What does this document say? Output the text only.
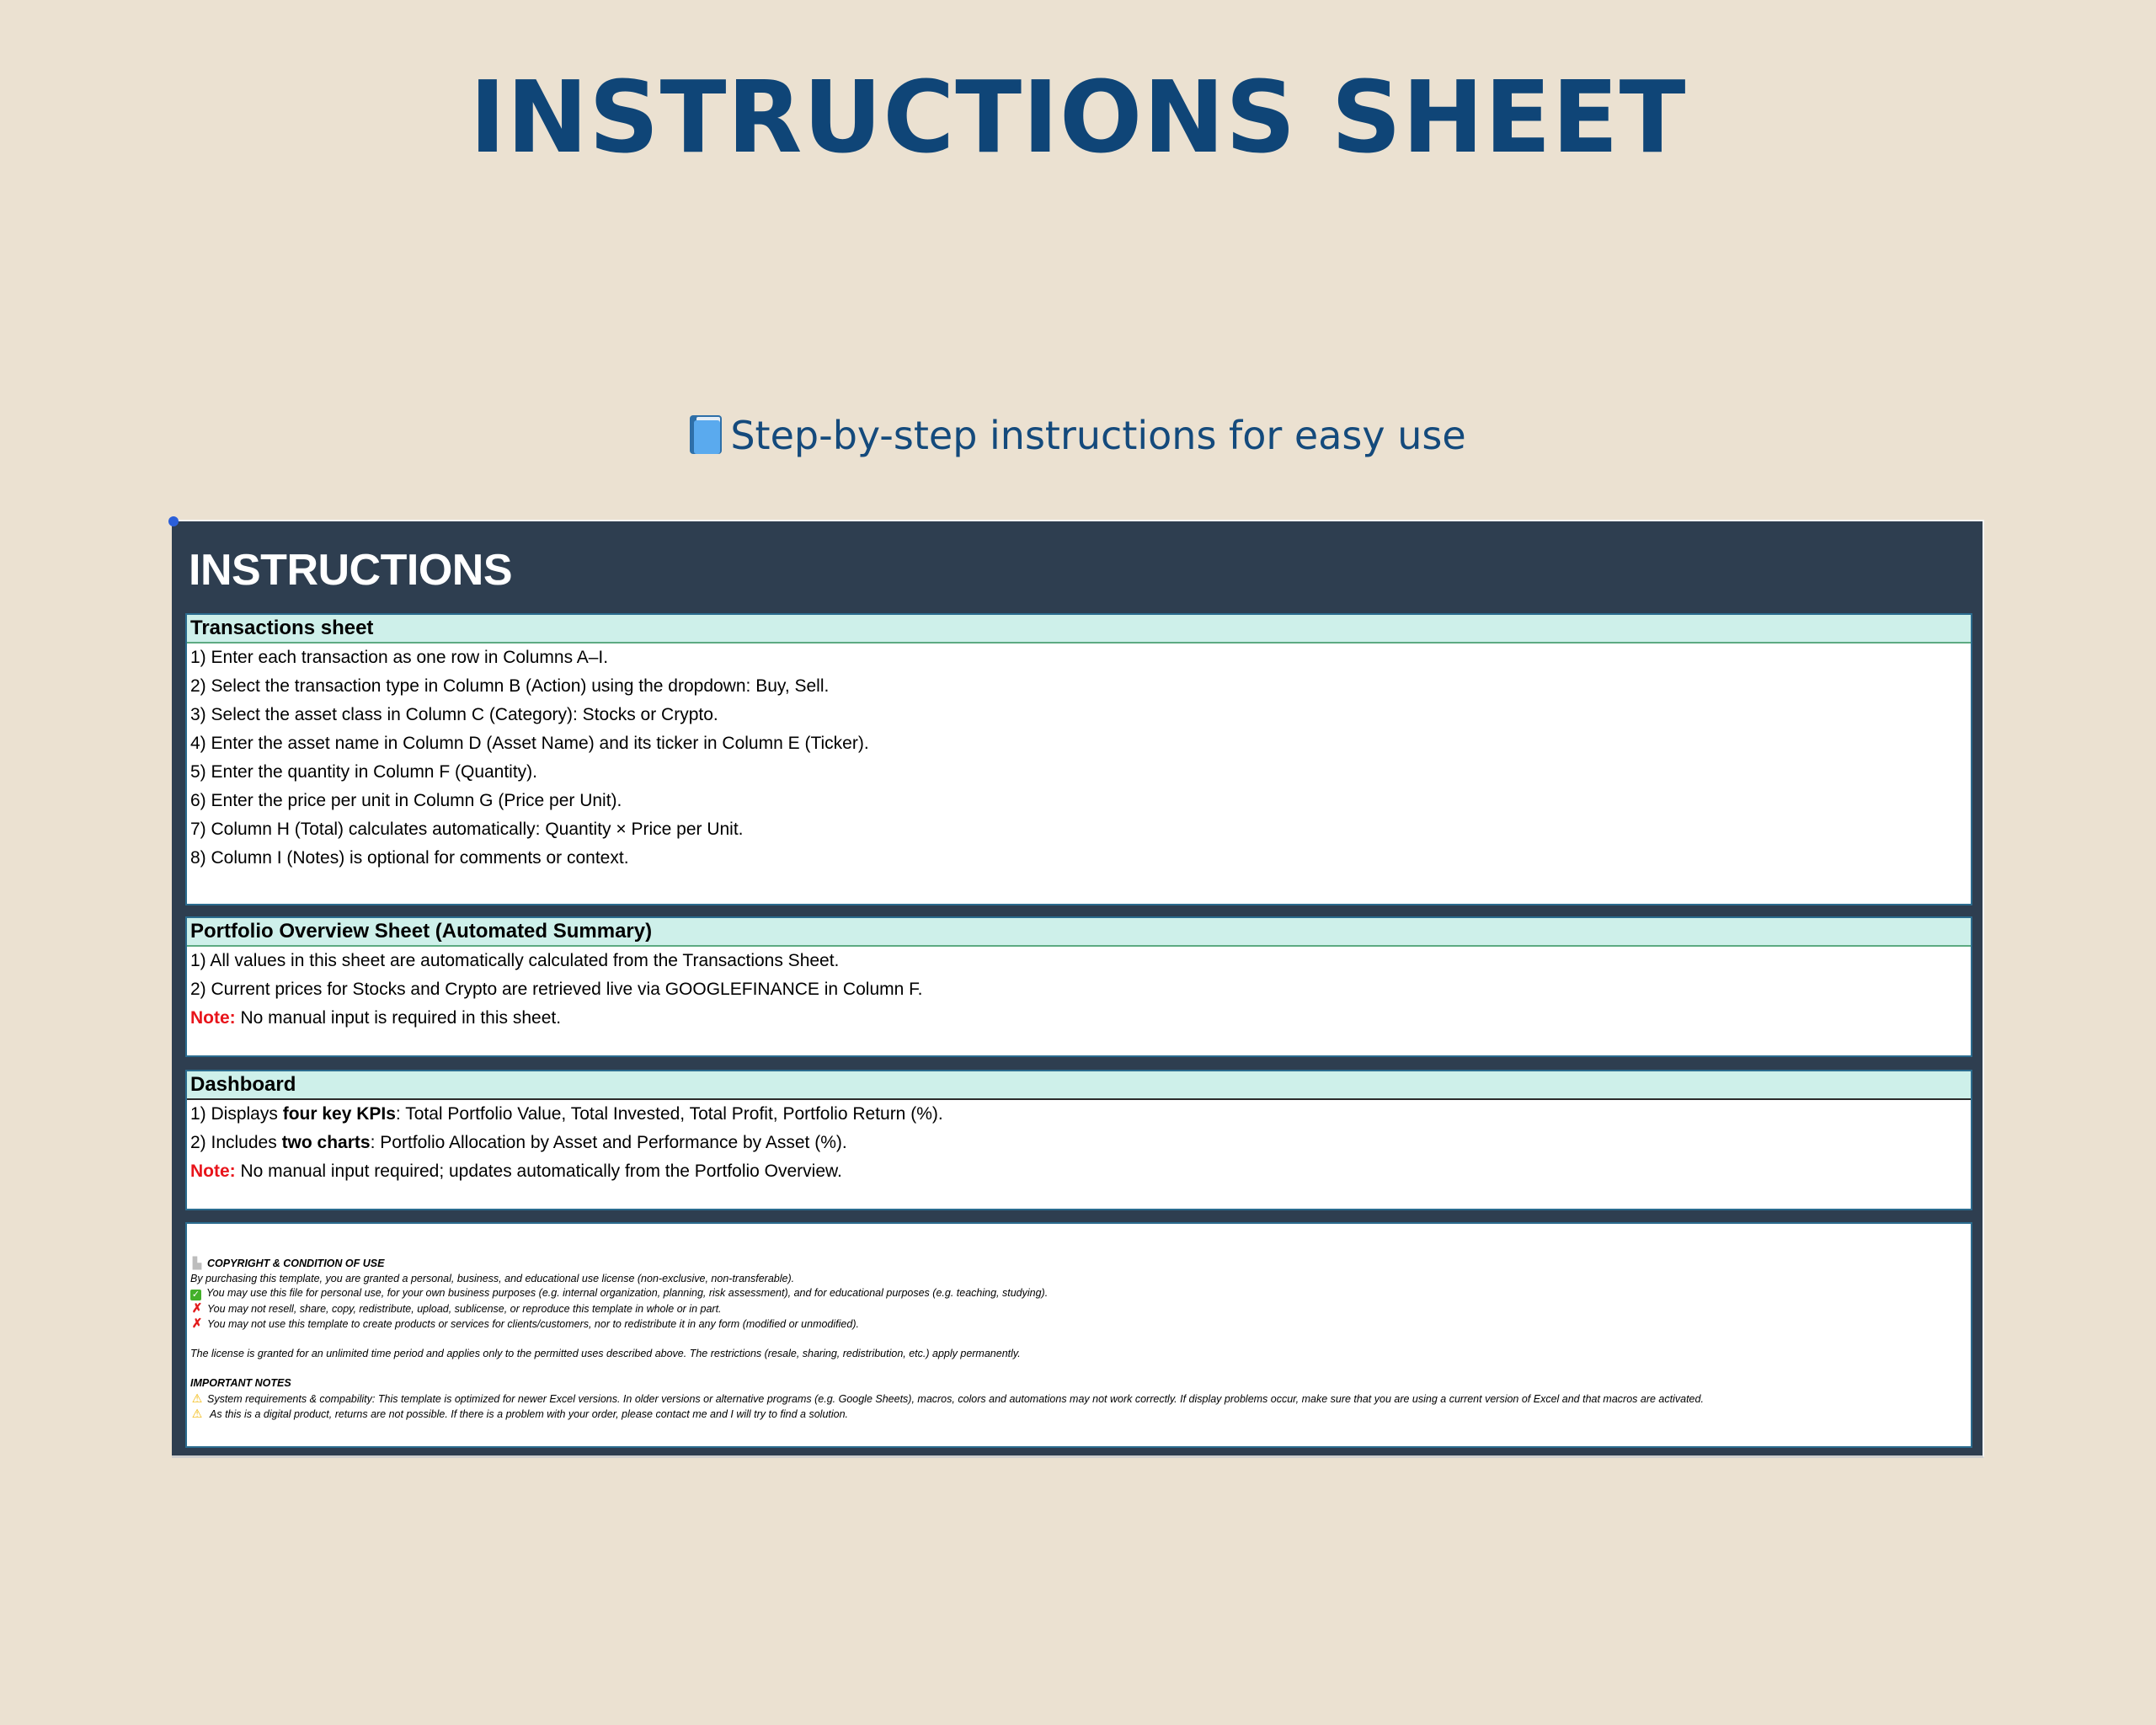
INSTRUCTIONS SHEET
Step-by-step instructions for easy use
INSTRUCTIONS
Transactions sheet
1) Enter each transaction as one row in Columns A–I.
2) Select the transaction type in Column B (Action) using the dropdown: Buy, Sell.
3) Select the asset class in Column C (Category): Stocks or Crypto.
4) Enter the asset name in Column D (Asset Name) and its ticker in Column E (Ticker).
5) Enter the quantity in Column F (Quantity).
6) Enter the price per unit in Column G (Price per Unit).
7) Column H (Total) calculates automatically: Quantity × Price per Unit.
8) Column I (Notes) is optional for comments or context.
Portfolio Overview Sheet (Automated Summary)
1) All values in this sheet are automatically calculated from the Transactions Sheet.
2) Current prices for Stocks and Crypto are retrieved live via GOOGLEFINANCE in Column F.
Note: No manual input is required in this sheet.
Dashboard
1) Displays four key KPIs: Total Portfolio Value, Total Invested, Total Profit, Portfolio Return (%).
2) Includes two charts: Portfolio Allocation by Asset and Performance by Asset (%).
Note: No manual input required; updates automatically from the Portfolio Overview.
▙ COPYRIGHT & CONDITION OF USE
By purchasing this template, you are granted a personal, business, and educational use license (non-exclusive, non-transferable).
✓ You may use this file for personal use, for your own business purposes (e.g. internal organization, planning, risk assessment), and for educational purposes (e.g. teaching, studying).
✗ You may not resell, share, copy, redistribute, upload, sublicense, or reproduce this template in whole or in part.
✗ You may not use this template to create products or services for clients/customers, nor to redistribute it in any form (modified or unmodified).
The license is granted for an unlimited time period and applies only to the permitted uses described above. The restrictions (resale, sharing, redistribution, etc.) apply permanently.
IMPORTANT NOTES
⚠ System requirements & compability: This template is optimized for newer Excel versions. In older versions or alternative programs (e.g. Google Sheets), macros, colors and automations may not work correctly. If display problems occur, make sure that you are using a current version of Excel and that macros are activated.
⚠ As this is a digital product, returns are not possible. If there is a problem with your order, please contact me and I will try to find a solution.
